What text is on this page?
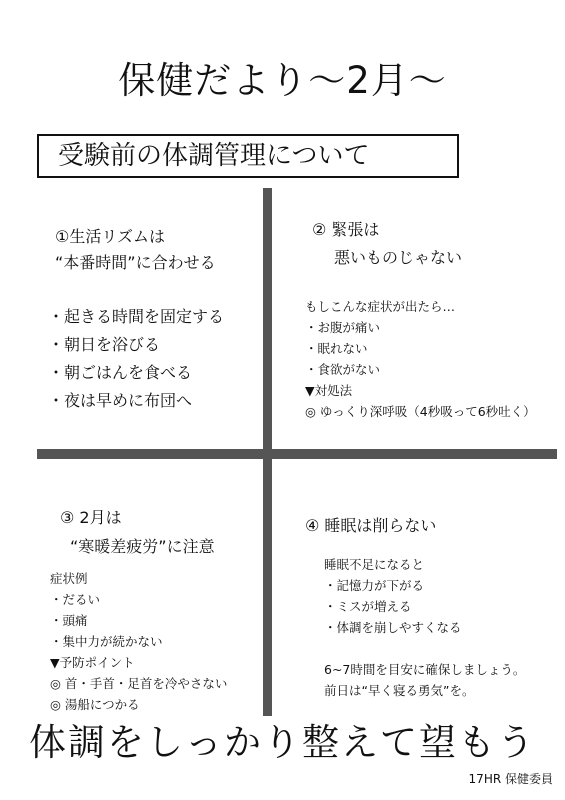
保健だより～2月～
受験前の体調管理について
①生活リズムは
“本番時間”に合わせる
・起きる時間を固定する
・朝日を浴びる
・朝ごはんを食べる
・夜は早めに布団へ
② 緊張は
悪いものじゃない
もしこんな症状が出たら…
・お腹が痛い
・眠れない
・食欲がない
▼対処法
◎ ゆっくり深呼吸（4秒吸って6秒吐く）
③ 2月は
“寒暖差疲労”に注意
症状例
・だるい
・頭痛
・集中力が続かない
▼予防ポイント
◎ 首・手首・足首を冷やさない
◎ 湯船につかる
④ 睡眠は削らない
睡眠不足になると
・記憶力が下がる
・ミスが増える
・体調を崩しやすくなる
6~7時間を目安に確保しましょう。
前日は“早く寝る勇気”を。
体調をしっかり整えて望もう
17HR 保健委員
